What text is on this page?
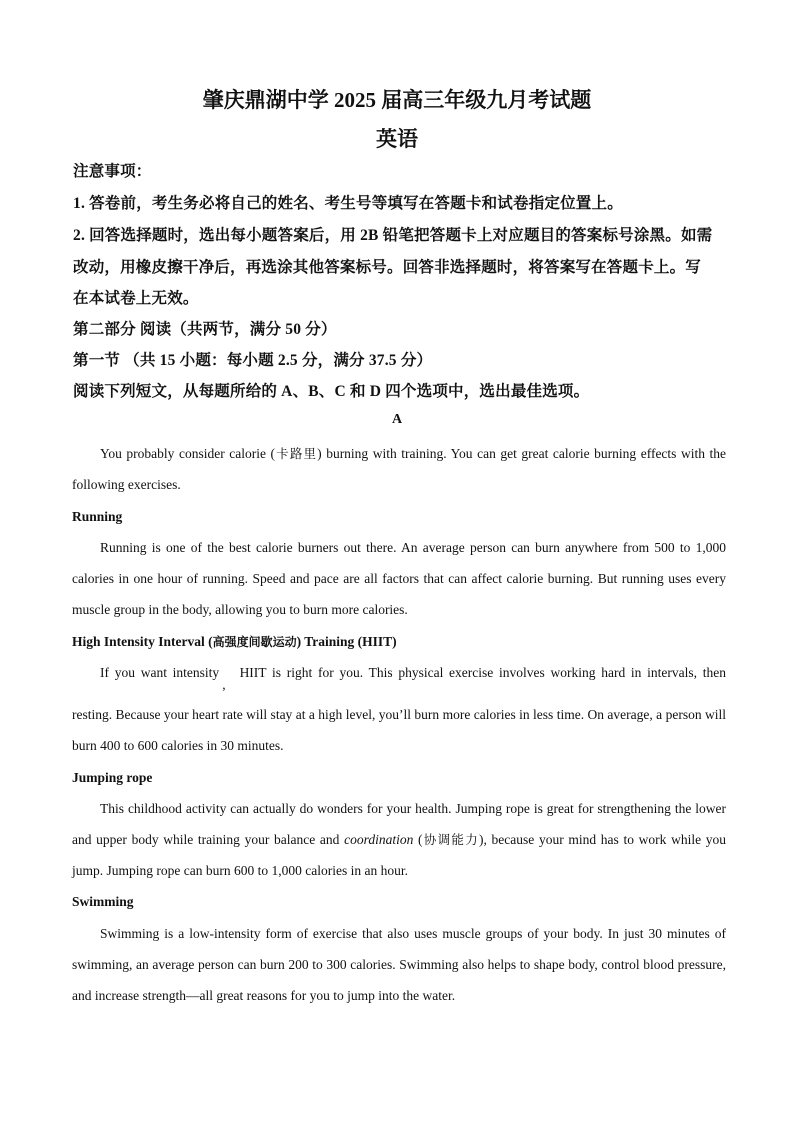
肇庆鼎湖中学 2025 届高三年级九月考试题
英语
注意事项：
1. 答卷前，考生务必将自己的姓名、考生号等填写在答题卡和试卷指定位置上。
2. 回答选择题时，选出每小题答案后，用 2B 铅笔把答题卡上对应题目的答案标号涂黑。如需
改动，用橡皮擦干净后，再选涂其他答案标号。回答非选择题时，将答案写在答题卡上。写
在本试卷上无效。
第二部分 阅读（共两节，满分 50 分）
第一节 （共 15 小题：每小题 2.5 分，满分 37.5 分）
阅读下列短文，从每题所给的 A、B、C 和 D 四个选项中，选出最佳选项。
A
You probably consider calorie (卡路里) burning with training. You can get great calorie burning effects with the following exercises.
Running
Running is one of the best calorie burners out there. An average person can burn anywhere from 500 to 1,000 calories in one hour of running. Speed and pace are all factors that can affect calorie burning. But running uses every muscle group in the body, allowing you to burn more calories.
High Intensity Interval (高强度间歇运动) Training (HIIT)
If you want intensity,HIIT is right for you. This physical exercise involves working hard in intervals, then
resting. Because your heart rate will stay at a high level, you’ll burn more calories in less time. On average, a person will burn 400 to 600 calories in 30 minutes.
Jumping rope
This childhood activity can actually do wonders for your health. Jumping rope is great for strengthening the lower and upper body while training your balance and coordination (协调能力), because your mind has to work while you jump. Jumping rope can burn 600 to 1,000 calories in an hour.
Swimming
Swimming is a low-intensity form of exercise that also uses muscle groups of your body. In just 30 minutes of swimming, an average person can burn 200 to 300 calories. Swimming also helps to shape body, control blood pressure, and increase strength—all great reasons for you to jump into the water.
